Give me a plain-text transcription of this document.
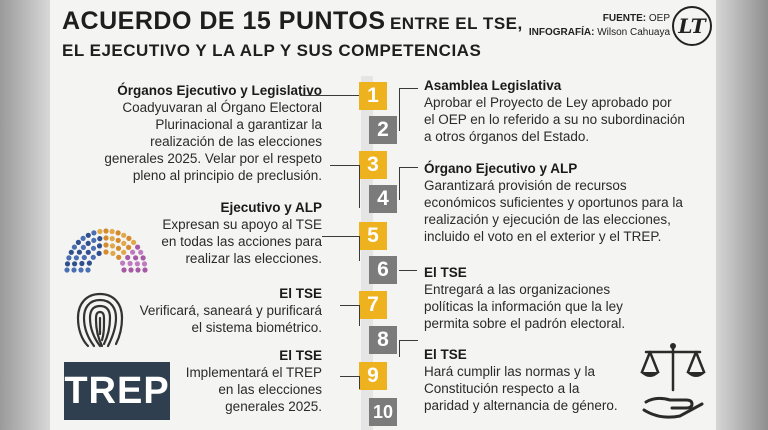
ACUERDO DE 15 PUNTOS ENTRE EL TSE,
EL EJECUTIVO Y LA ALP Y SUS COMPETENCIAS
FUENTE: OEP
INFOGRAFÍA: Wilson Cahuaya LT
1
2
3
4
5
6
7
8
9
10
Órganos Ejecutivo y Legislativo
Coadyuvaran al Órgano Electoral
Plurinacional a garantizar la
realización de las elecciones
generales 2025. Velar por el respeto
pleno al principio de preclusión.
Ejecutivo y ALP
Expresan su apoyo al TSE
en todas las acciones para
realizar las elecciones.
El TSE
Verificará, saneará y purificará
el sistema biométrico.
El TSE
Implementará el TREP
en las elecciones
generales 2025.
Asamblea Legislativa
Aprobar el Proyecto de Ley aprobado por
el OEP en lo referido a su no subordinación
a otros órganos del Estado.
Órgano Ejecutivo y ALP
Garantizará provisión de recursos
económicos suficientes y oportunos para la
realización y ejecución de las elecciones,
incluido el voto en el exterior y el TREP.
El TSE
Entregará a las organizaciones
políticas la información que la ley
permita sobre el padrón electoral.
El TSE
Hará cumplir las normas y la
Constitución respecto a la
paridad y alternancia de género.
TREP
